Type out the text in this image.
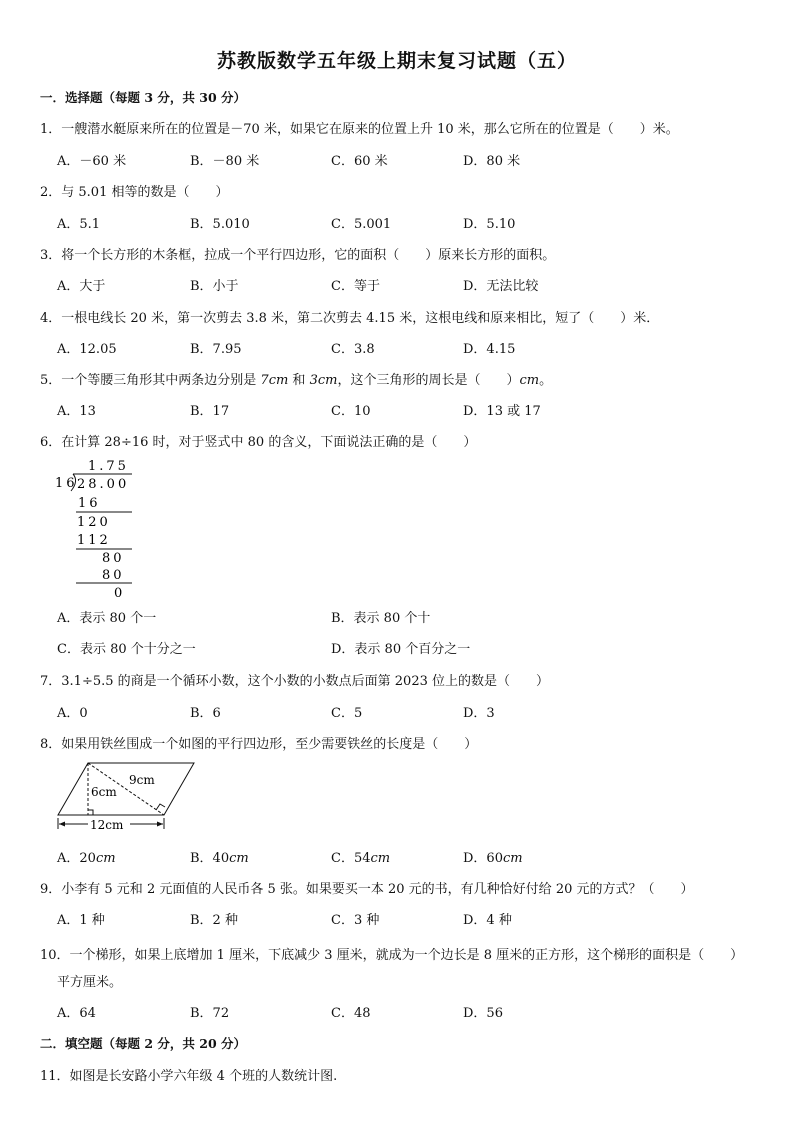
苏教版数学五年级上期末复习试题（五）
一．选择题（每题 3 分，共 30 分）
1．一艘潜水艇原来所在的位置是－70 米，如果它在原来的位置上升 10 米，那么它所在的位置是（　　）米。
A．－60 米	B．－80 米	C．60 米	D．80 米
2．与 5.01 相等的数是（　　）
A．5.1	B．5.010	C．5.001	D．5.10
3．将一个长方形的木条框，拉成一个平行四边形，它的面积（　　）原来长方形的面积。
A．大于	B．小于	C．等于	D．无法比较
4．一根电线长 20 米，第一次剪去 3.8 米，第二次剪去 4.15 米，这根电线和原来相比，短了（　　）米．
A．12.05	B．7.95	C．3.8	D．4.15
5．一个等腰三角形其中两条边分别是 7cm 和 3cm，这个三角形的周长是（　　）cm。
A．13	B．17	C．10	D．13 或 17
6．在计算 28÷16 时，对于竖式中 80 的含义，下面说法正确的是（　　）
1.75
16 28.00
16
120
112
80
80
0
A．表示 80 个一	B．表示 80 个十
C．表示 80 个十分之一	D．表示 80 个百分之一
7．3.1÷5.5 的商是一个循环小数，这个小数的小数点后面第 2023 位上的数是（　　）
A．0	B．6	C．5	D．3
8．如果用铁丝围成一个如图的平行四边形，至少需要铁丝的长度是（　　）
9cm
6cm
12cm
A．20cm	B．40cm	C．54cm	D．60cm
9．小李有 5 元和 2 元面值的人民币各 5 张。如果要买一本 20 元的书，有几种恰好付给 20 元的方式？（　　）
A．1 种	B．2 种	C．3 种	D．4 种
10．一个梯形，如果上底增加 1 厘米，下底减少 3 厘米，就成为一个边长是 8 厘米的正方形，这个梯形的面积是（　　）
平方厘米。
A．64	B．72	C．48	D．56
二．填空题（每题 2 分，共 20 分）
11．如图是长安路小学六年级 4 个班的人数统计图.
